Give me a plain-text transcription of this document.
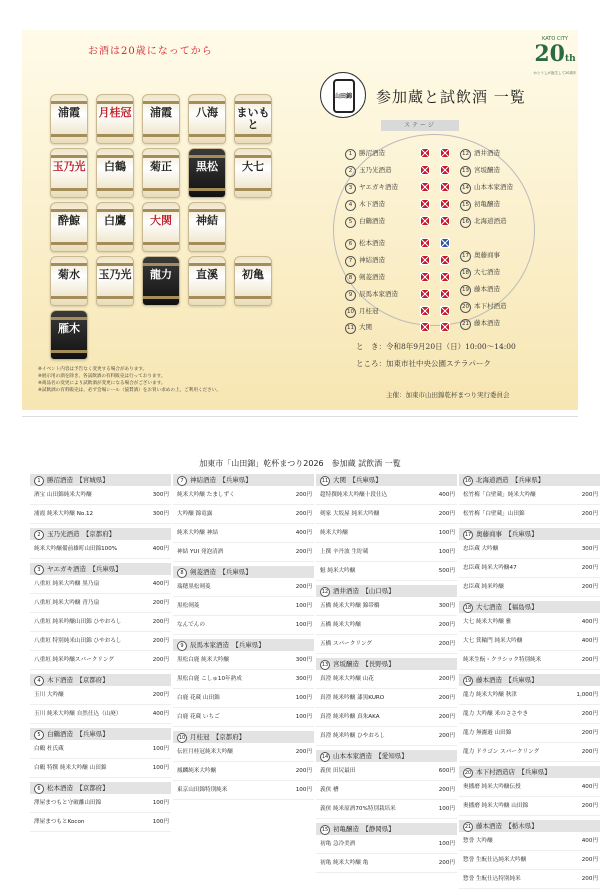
お酒は20歳になってから
KATO CITY
20th
かとうしが誕生して20周年
浦霞	月桂冠	浦霞	八海	まいもと
玉乃光	白鶴	菊正	黒松	大七
酔鯨	白鷹	大関	神結
菊水	玉乃光	龍力	直溪	初亀
雁木
※イベント内容は予告なく変更する場合があります。
※展示用の酒を除き、各試飲酒の有料販売は行っております。
※商品名の変更により試飲酒が変更になる場合がございます。
※試飲酒の有料販売は、必ず会場シール（協賛酒）をお買い求めの上、ご利用ください。
山田錦 参加蔵と試飲酒 一覧
ステージ
1 勝沼酒造
2 玉乃光酒造
3 ヤエガキ酒造
4 木下酒造
5 白鶴酒造
6 松本酒造
7 神結酒造
8 剣菱酒造
9 辰馬本家酒造
10 月桂冠
11 大関
12 酒井酒造
13 宮坂醸造
14 山本本家酒造
15 初亀醸造
16 北海道酒造
17 奥藤商事
18 大七酒造
19 藤本酒造
20 本下村酒造
21 藤本酒造
と　き：令和8年9月20日（日）10:00～14:00
ところ：加東市社中央公園ステラパーク
主催：加東市山田錦乾杯まつり実行委員会
加東市「山田錦」乾杯まつり2026　参加蔵 試飲酒 一覧
1 勝沼酒造　【宮城県】
酒宝 山田錦純米大吟醸	300円
浦霞 純米大吟醸 No.12	300円
2 玉乃光酒造　【京都府】
純米大吟醸備前雄町山田錦100%	400円
3 ヤエガキ酒造　【兵庫県】
八重垣 純米大吟醸 黒乃扇	400円
八重垣 純米大吟醸 青乃扇	200円
八重垣 純米吟醸山田錦 ひやおろし	200円
八重垣 特別純米山田錦 ひやおろし	200円
八重垣 純米吟醸スパークリング	200円
4 木下酒造　【京都府】
玉川 大吟醸	200円
玉川 純米大吟醸 自然仕込（山廃）	400円
5 白鶴酒造　【兵庫県】
白鶴 杜氏蔵	100円
白鶴 特撰 純米大吟醸 山田錦	100円
6 松本酒造　【京都府】
澤屋まつもと守破離山田錦	100円
澤屋まつもとKocon	100円
7 神結酒造　【兵庫県】
純米大吟醸 たましずく	200円
大吟醸 錦竜露	200円
純米大吟醸 神結	400円
神結 YUI 発泡清酒	200円
8 剣菱酒造　【兵庫県】
瑞穂黒松剣菱	200円
黒松剣菱	100円
なんでんの	100円
9 辰馬本家酒造　【兵庫県】
黒松白鹿 純米大吟醸	300円
黒松白鹿 こしゅ10年熟成	300円
白鹿 花蔵 山田錦	100円
白鹿 花蔵 いちご	100円
10 月桂冠　【京都府】
伝匠月桂冠純米大吟醸	200円
鳳麟純米大吟醸	200円
東京山田錦特別純米	100円
11 大関　【兵庫県】
超特撰純米大吟醸十段仕込	400円
剣家 大坂屋 純米大吟醸	200円
純米大吟醸	100円
上撰 辛丹波 生貯蔵	100円
魁 純米大吟醸	500円
12 酒井酒造　【山口県】
五橋 純米大吟醸 錦帯橋	300円
五橋 純米大吟醸	200円
五橋 スパークリング	200円
13 宮坂醸造　【長野県】
真澄 純米大吟醸 山花	200円
真澄 純米吟醸 漆黒KURO	200円
真澄 純米吟醸 真朱AKA	200円
真澄 純米吟醸 ひやおろし	200円
14 山本本家酒造　【愛知県】
義侠 田尻最田	600円
義侠 槽	200円
義侠 純米原酒70%特別栽培米	100円
15 初亀醸造　【静岡県】
初亀 急冷美酒	100円
初亀 純米大吟醸 亀	200円
16 北海道酒造　【兵庫県】
松竹梅「白壁蔵」純米大吟醸	200円
松竹梅「白壁蔵」山田錦	200円
17 奥藤商事　【兵庫県】
忠臣蔵 大吟醸	300円
忠臣蔵 純米大吟醸47	200円
忠臣蔵 純米吟醸	200円
18 大七酒造　【福島県】
大七 純米大吟醸 雅	400円
大七 箕輪門 純米大吟醸	400円
純米生酛・クラシック特別純米	200円
19 藤本酒造　【兵庫県】
龍力 純米大吟醸 秋津	1,000円
龍力 大吟醸 米のささやき	200円
龍力 無濾過 山田錦	200円
龍力 ドラゴン スパークリング	200円
20 本下村酒造店　【兵庫県】
奥播磨 純米大吟醸伝授	400円
奥播磨 純米大吟醸 山田錦	200円
21 藤本酒造　【栃木県】
惣誉 大吟醸	400円
惣誉 生酛仕込純米大吟醸	200円
惣誉 生酛仕込特別純米	200円
